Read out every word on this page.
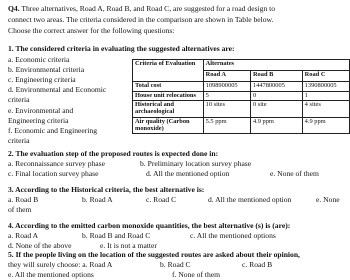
Q4. Three alternatives, Road A, Road B, and Road C, are suggested for a road design to
connect two areas. The criteria considered in the comparison are shown in Table below.
Choose the correct answer for the following questions:
1. The considered criteria in evaluating the suggested alternatives are:
a. Economic criteria
b. Environmental criteria
c. Engineering criteria
d. Environmental and Economic
criteria
e. Environmental and
Engineering criteria
f. Economic and Engineering
criteria
Criteria of Evaluation	Alternates		
	Road A	Road B	Road C
Total cost	1098900005	1447800005	1390800005
House unit relocations	5	0	1
Historical and archaeological	10 sites	0 site	4 sites
Air quality (Carbon monoxide)	5.5 ppm	4.9 ppm	4.9 ppm
2. The evaluation step of the proposed routes is expected done in:
a. Reconnaissance survey phase	b. Preliminary location survey phase
c. Final location survey phase	d. All the mentioned option	e. None of them
3. According to the Historical criteria, the best alternative is:
a. Road B	b. Road A	c. Road C	d. All the mentioned option	e. None
of them
4. According to the emitted carbon monoxide quantities, the best alternative (s) is (are):
a. Road A	b. Road B and Road C	c. All the mentioned options
d. None of the above	e. It is not a matter
5. If the people living on the location of the suggested routes are asked about their opinion,
they will surely choose: a. Road A	b. Road C	c. Road B
e. All the mentioned options	f. None of them
